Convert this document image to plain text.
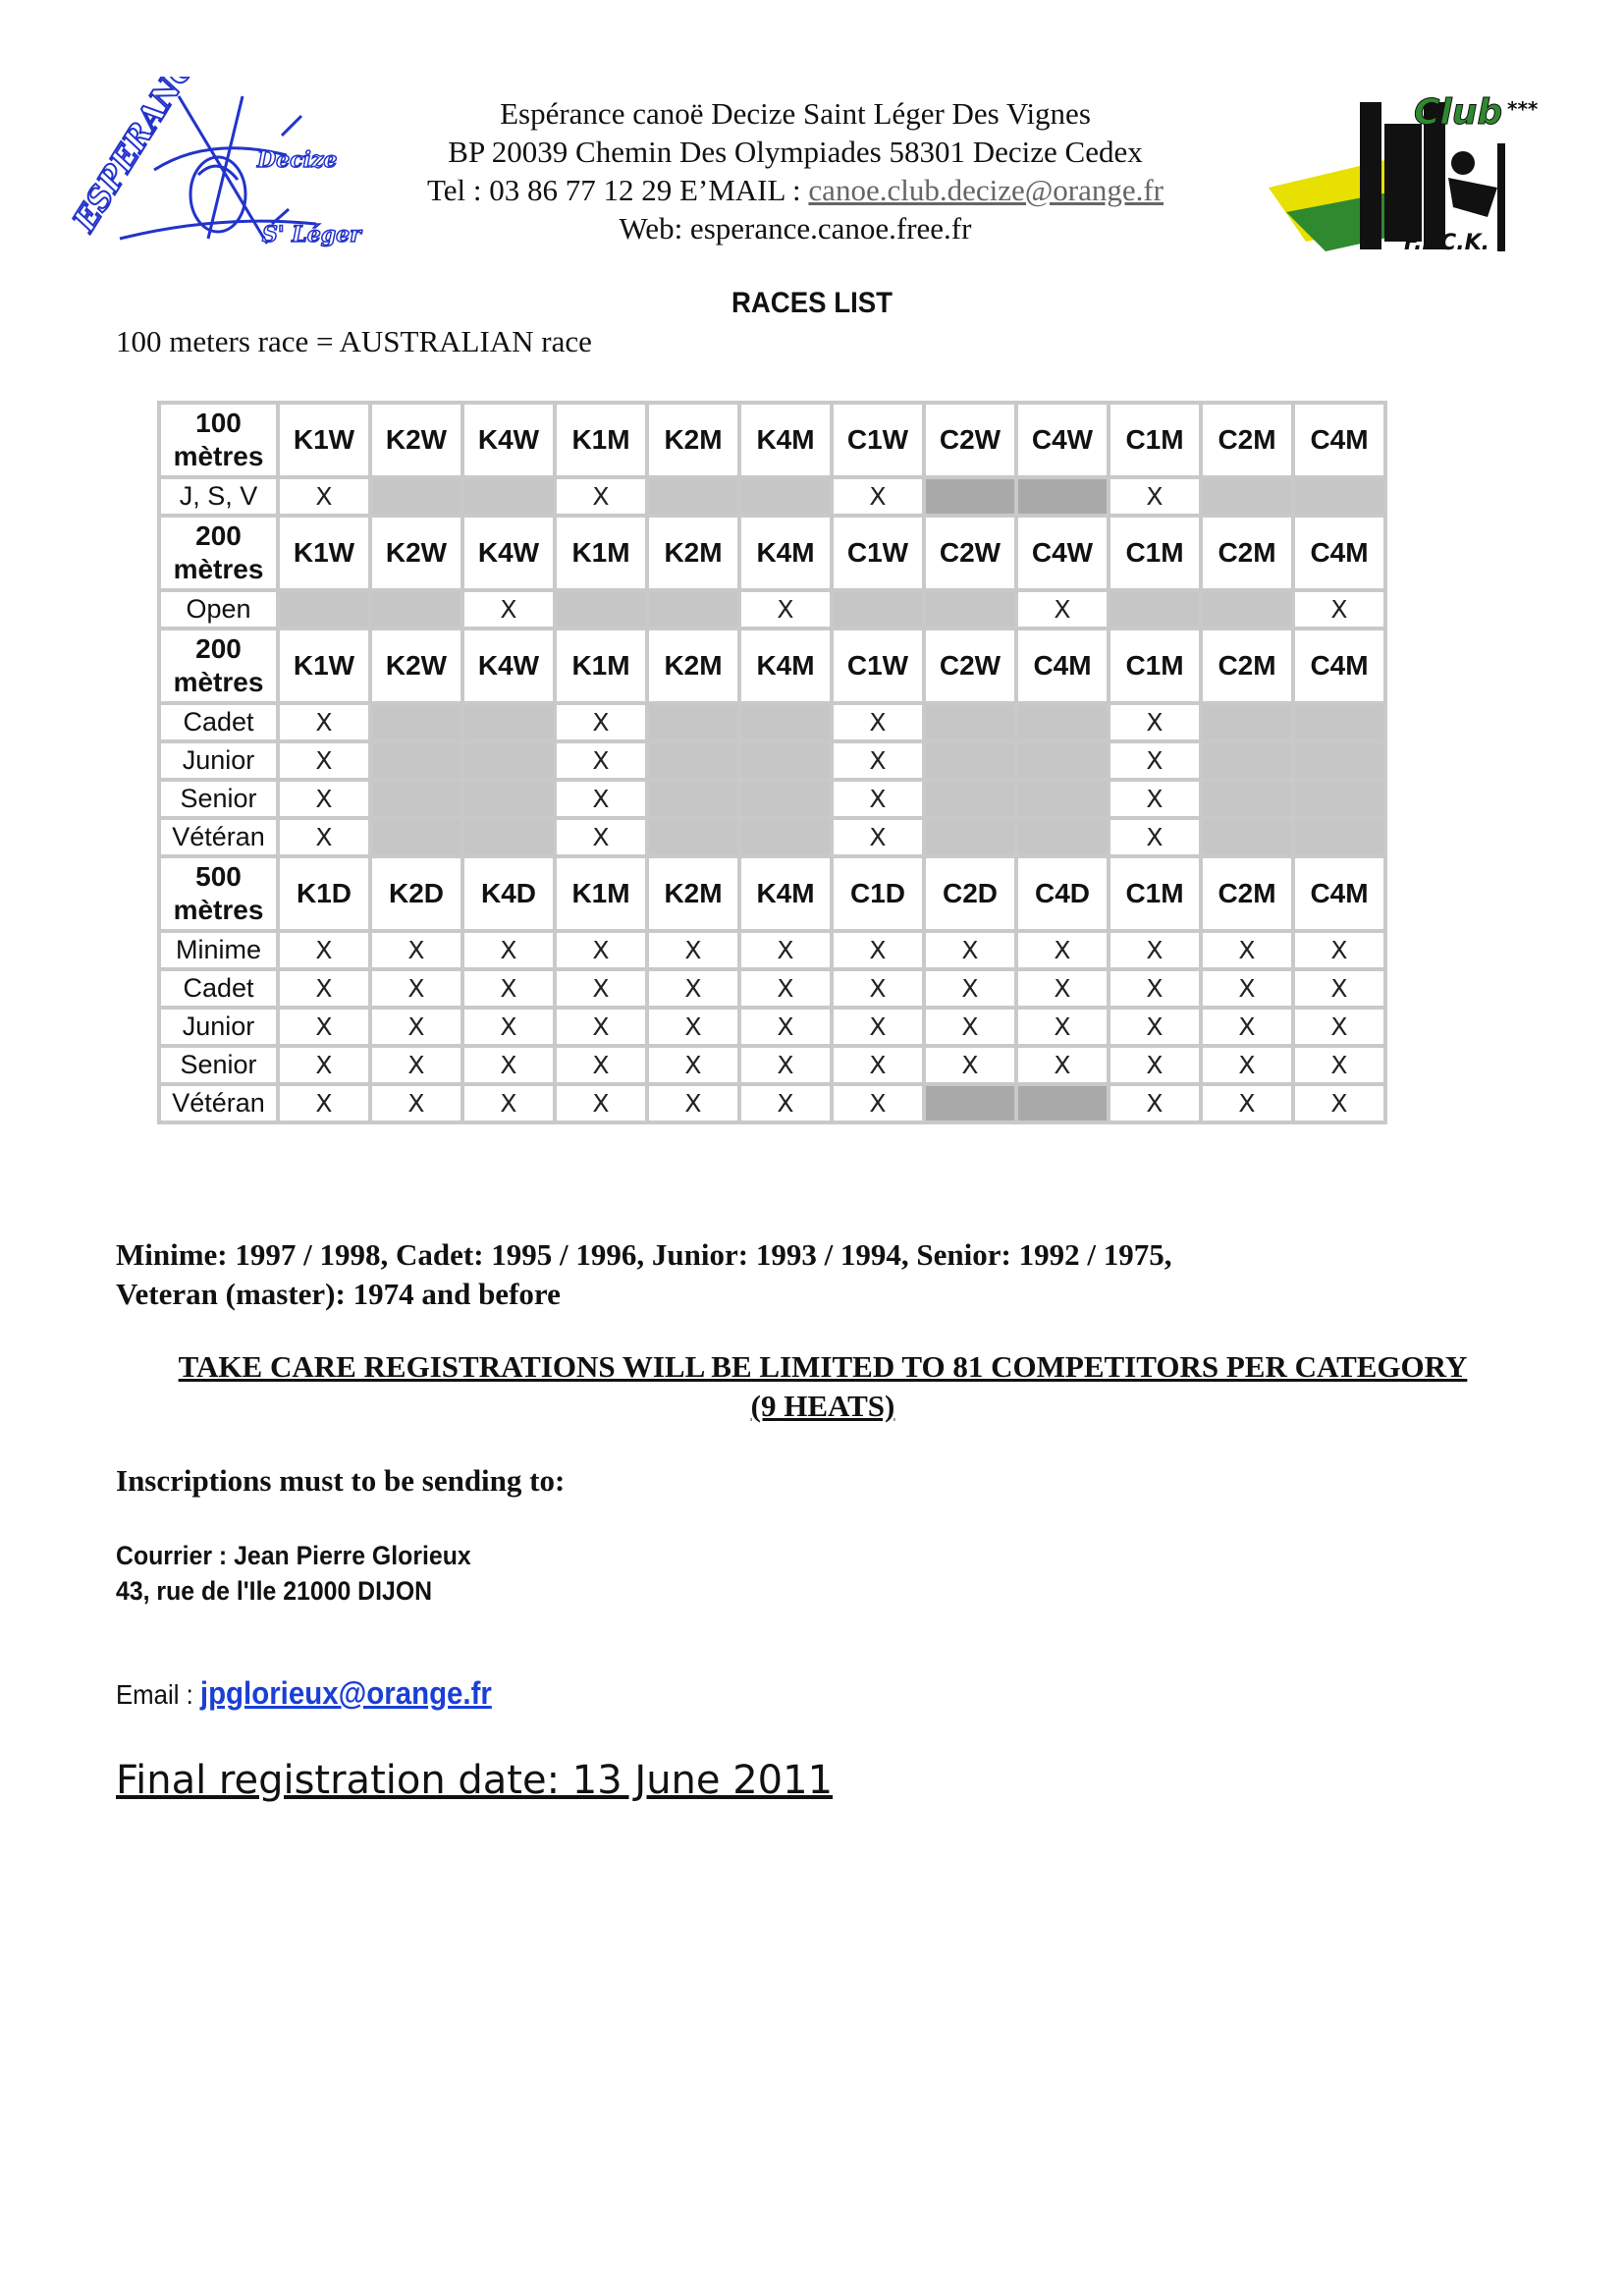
ESPERANCE Decize
S' Léger
Espérance canoë Decize Saint Léger Des Vignes
BP 20039 Chemin Des Olympiades 58301 Decize Cedex
Tel : 03 86 77 12 29 E’MAIL : canoe.club.decize@orange.fr
Web: esperance.canoe.free.fr
Club ***
F.F.C.K.
RACES LIST
100 meters race = AUSTRALIAN race
100
mètres	K1W	K2W	K4W	K1M	K2M	K4M	C1W	C2W	C4W	C1M	C2M	C4M
J, S, V	X			X			X			X		

200
mètres	K1W	K2W	K4W	K1M	K2M	K4M	C1W	C2W	C4W	C1M	C2M	C4M
Open			X			X			X			X

200
mètres	K1W	K2W	K4W	K1M	K2M	K4M	C1W	C2W	C4M	C1M	C2M	C4M
Cadet	X			X			X			X		
Junior	X			X			X			X		
Senior	X			X			X			X		
Vétéran	X			X			X			X		

500
mètres	K1D	K2D	K4D	K1M	K2M	K4M	C1D	C2D	C4D	C1M	C2M	C4M
Minime	X	X	X	X	X	X	X	X	X	X	X	X
Cadet	X	X	X	X	X	X	X	X	X	X	X	X
Junior	X	X	X	X	X	X	X	X	X	X	X	X
Senior	X	X	X	X	X	X	X	X	X	X	X	X
Vétéran	X	X	X	X	X	X	X			X	X	X
Minime: 1997 / 1998, Cadet: 1995 / 1996, Junior: 1993 / 1994, Senior: 1992 / 1975,
Veteran (master): 1974 and before
TAKE CARE REGISTRATIONS WILL BE LIMITED TO 81 COMPETITORS PER CATEGORY
(9 HEATS)
Inscriptions must to be sending to:
Courrier : Jean Pierre Glorieux
43, rue de l'Ile 21000 DIJON
Email : jpglorieux@orange.fr
Final registration date: 13 June 2011
